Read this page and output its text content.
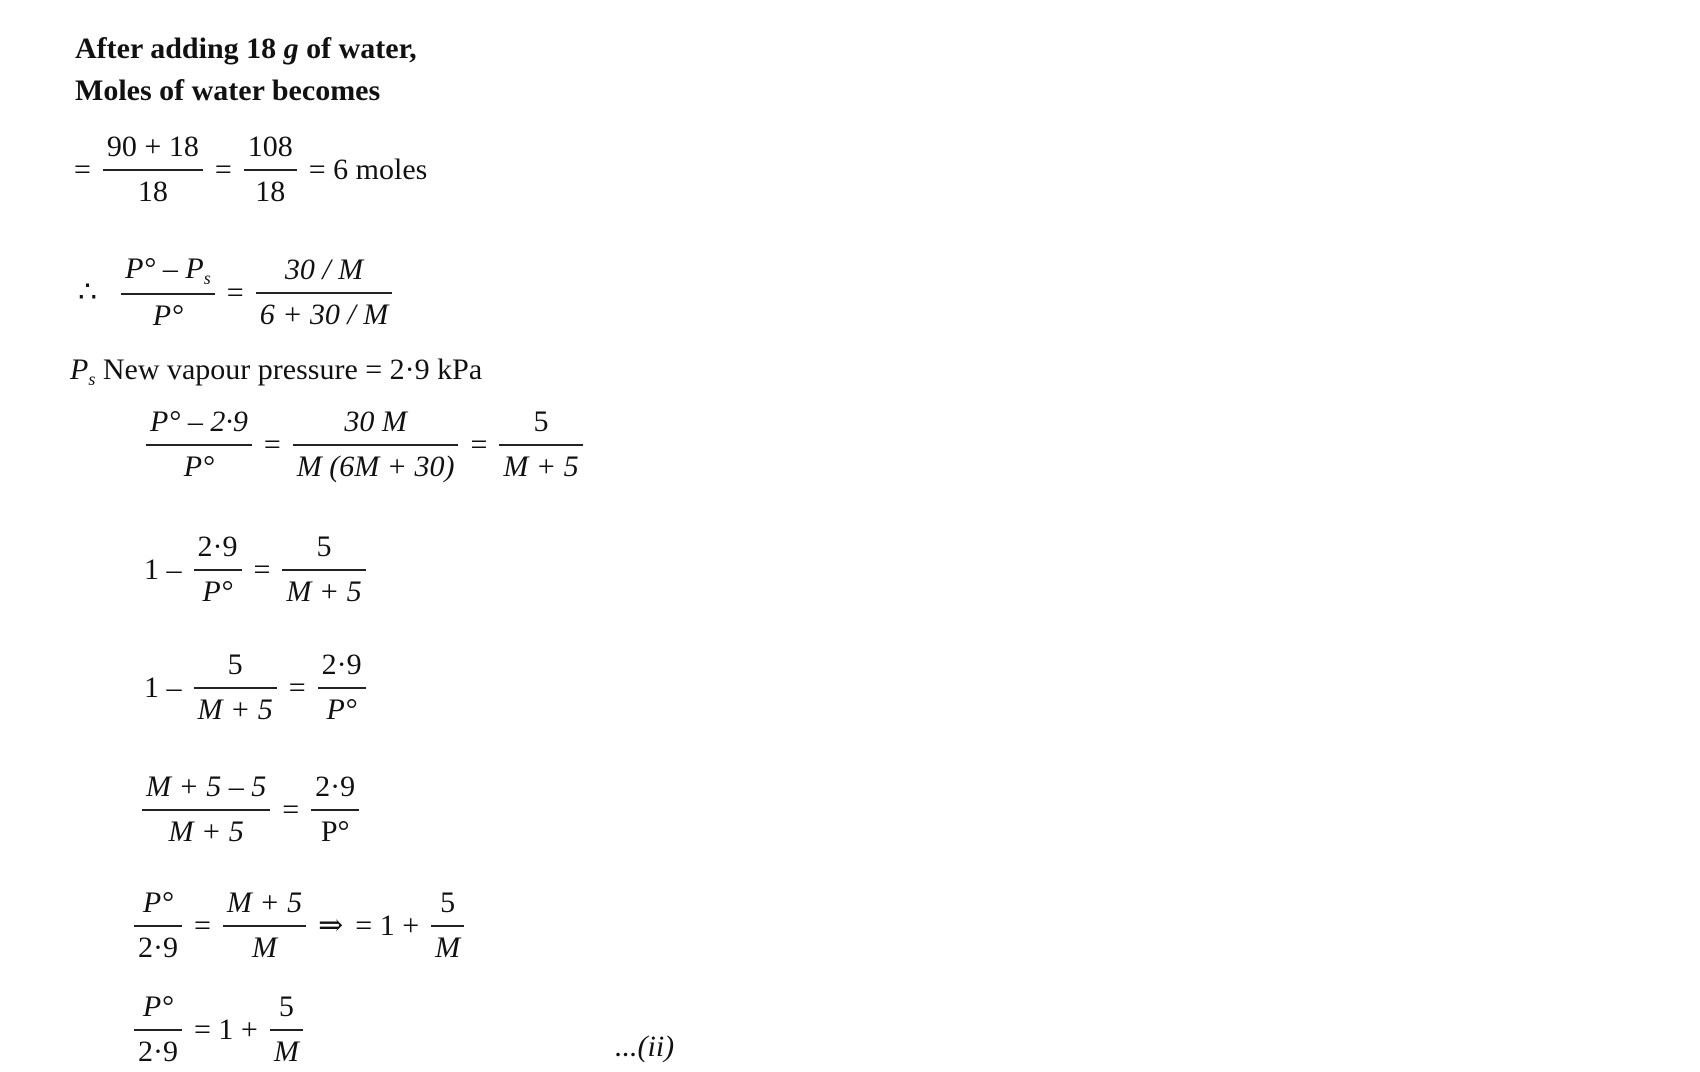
After adding 18 g of water,
Moles of water becomes
= $\frac{90 + 18}{18} = \frac{108}{18} = 6$ moles
∴ $\frac{P^\circ - P_s}{P^\circ} = \frac{30 / M}{6 + 30 / M}$
$P_s$ New vapour pressure = 2·9 kPa
$\frac{P^\circ - 2\cdot 9}{P^\circ} = \frac{30 M}{M (6M + 30)} = \frac{5}{M + 5}$
$1 - \frac{2\cdot 9}{P^\circ} = \frac{5}{M + 5}$
$1 - \frac{5}{M + 5} = \frac{2\cdot 9}{P^\circ}$
$\frac{M + 5 - 5}{M + 5} = \frac{2\cdot 9}{P^\circ}$
$\frac{P^\circ}{2\cdot 9} = \frac{M + 5}{M}$ ⇒ = $1 + \frac{5}{M}$
$\frac{P^\circ}{2\cdot 9} = 1 + \frac{5}{M}$	...(ii)
